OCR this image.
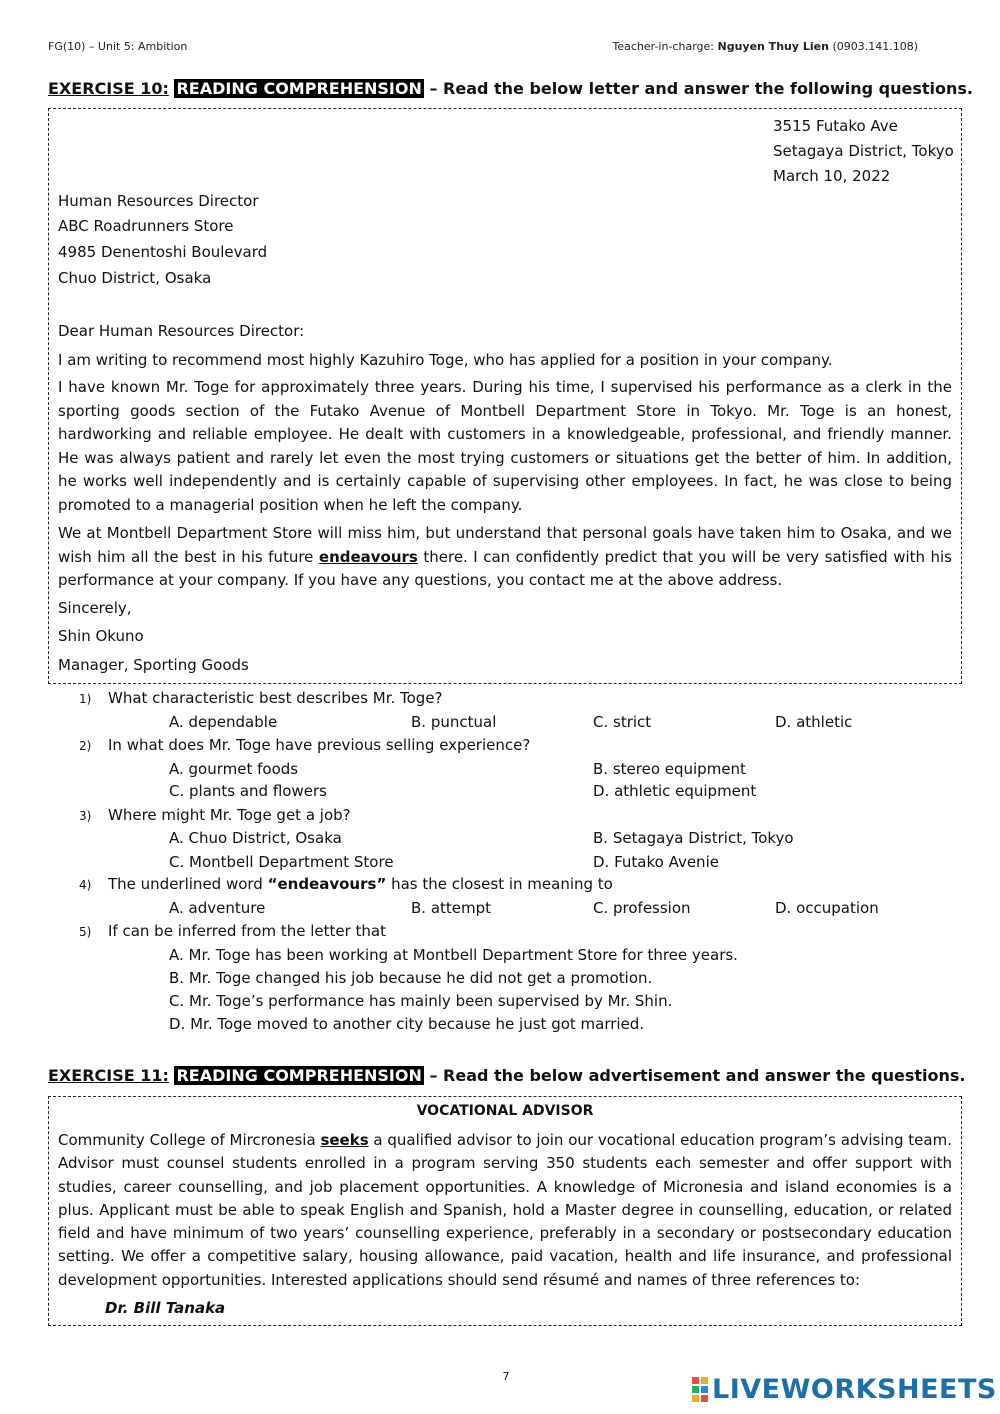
FG(10) – Unit 5: Ambition	Teacher-in-charge: Nguyen Thuy Lien (0903.141.108)
EXERCISE 10: READING COMPREHENSION – Read the below letter and answer the following questions.
3515 Futako Ave
Setagaya District, Tokyo
March 10, 2022
Human Resources Director
ABC Roadrunners Store
4985 Denentoshi Boulevard
Chuo District, Osaka
Dear Human Resources Director:
I am writing to recommend most highly Kazuhiro Toge, who has applied for a position in your company.
I have known Mr. Toge for approximately three years. During his time, I supervised his performance as a clerk in the sporting goods section of the Futako Avenue of Montbell Department Store in Tokyo. Mr. Toge is an honest, hardworking and reliable employee. He dealt with customers in a knowledgeable, professional, and friendly manner. He was always patient and rarely let even the most trying customers or situations get the better of him. In addition, he works well independently and is certainly capable of supervising other employees. In fact, he was close to being promoted to a managerial position when he left the company.
We at Montbell Department Store will miss him, but understand that personal goals have taken him to Osaka, and we wish him all the best in his future endeavours there. I can confidently predict that you will be very satisfied with his performance at your company. If you have any questions, you contact me at the above address.
Sincerely,
Shin Okuno
Manager, Sporting Goods
1) What characteristic best describes Mr. Toge?
A. dependable	B. punctual	C. strict	D. athletic
2) In what does Mr. Toge have previous selling experience?
A. gourmet foods	B. stereo equipment
C. plants and flowers	D. athletic equipment
3) Where might Mr. Toge get a job?
A. Chuo District, Osaka	B. Setagaya District, Tokyo
C. Montbell Department Store	D. Futako Avenie
4) The underlined word “endeavours” has the closest in meaning to
A. adventure	B. attempt	C. profession	D. occupation
5) If can be inferred from the letter that
A. Mr. Toge has been working at Montbell Department Store for three years.
B. Mr. Toge changed his job because he did not get a promotion.
C. Mr. Toge’s performance has mainly been supervised by Mr. Shin.
D. Mr. Toge moved to another city because he just got married.
EXERCISE 11: READING COMPREHENSION – Read the below advertisement and answer the questions.
VOCATIONAL ADVISOR
Community College of Mircronesia seeks a qualified advisor to join our vocational education program’s advising team. Advisor must counsel students enrolled in a program serving 350 students each semester and offer support with studies, career counselling, and job placement opportunities. A knowledge of Micronesia and island economies is a plus. Applicant must be able to speak English and Spanish, hold a Master degree in counselling, education, or related field and have minimum of two years’ counselling experience, preferably in a secondary or postsecondary education setting. We offer a competitive salary, housing allowance, paid vacation, health and life insurance, and professional development opportunities. Interested applications should send résumé and names of three references to:
Dr. Bill Tanaka
7	LIVEWORKSHEETS
